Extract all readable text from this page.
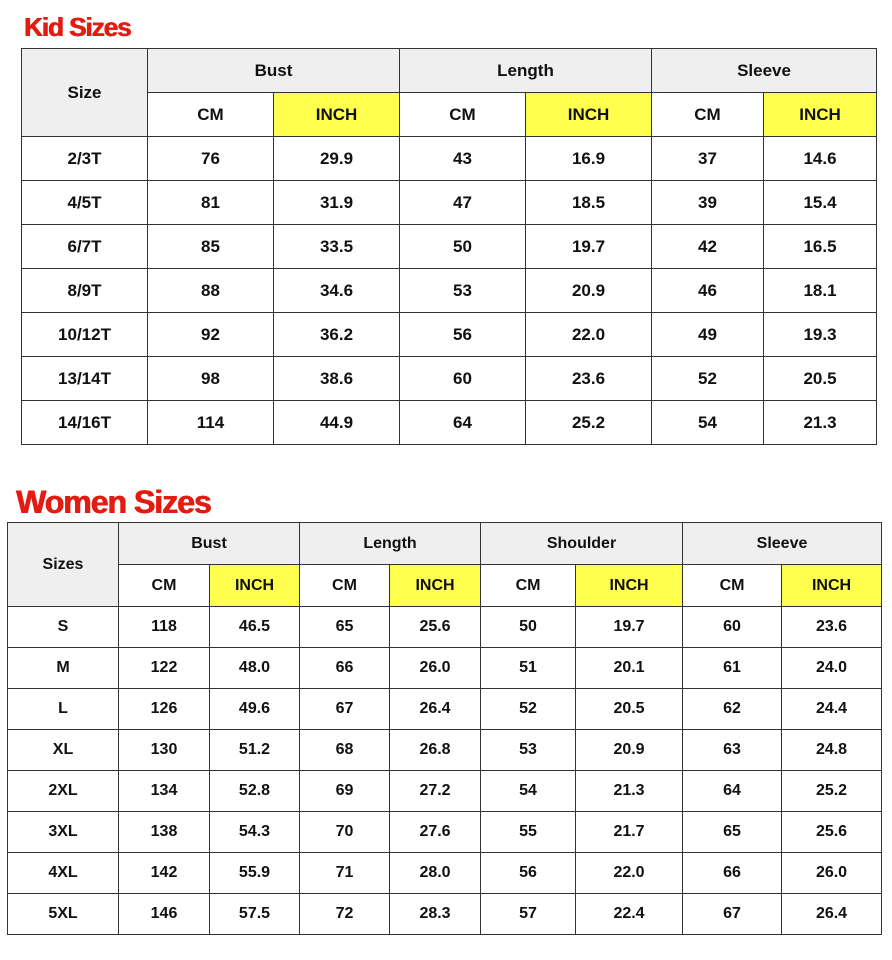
Kid Sizes
Size	Bust		Length		Sleeve	
	CM	INCH	CM	INCH	CM	INCH
2/3T	76	29.9	43	16.9	37	14.6
4/5T	81	31.9	47	18.5	39	15.4
6/7T	85	33.5	50	19.7	42	16.5
8/9T	88	34.6	53	20.9	46	18.1
10/12T	92	36.2	56	22.0	49	19.3
13/14T	98	38.6	60	23.6	52	20.5
14/16T	114	44.9	64	25.2	54	21.3
Women Sizes
Sizes	Bust		Length		Shoulder		Sleeve	
	CM	INCH	CM	INCH	CM	INCH	CM	INCH
S	118	46.5	65	25.6	50	19.7	60	23.6
M	122	48.0	66	26.0	51	20.1	61	24.0
L	126	49.6	67	26.4	52	20.5	62	24.4
XL	130	51.2	68	26.8	53	20.9	63	24.8
2XL	134	52.8	69	27.2	54	21.3	64	25.2
3XL	138	54.3	70	27.6	55	21.7	65	25.6
4XL	142	55.9	71	28.0	56	22.0	66	26.0
5XL	146	57.5	72	28.3	57	22.4	67	26.4
